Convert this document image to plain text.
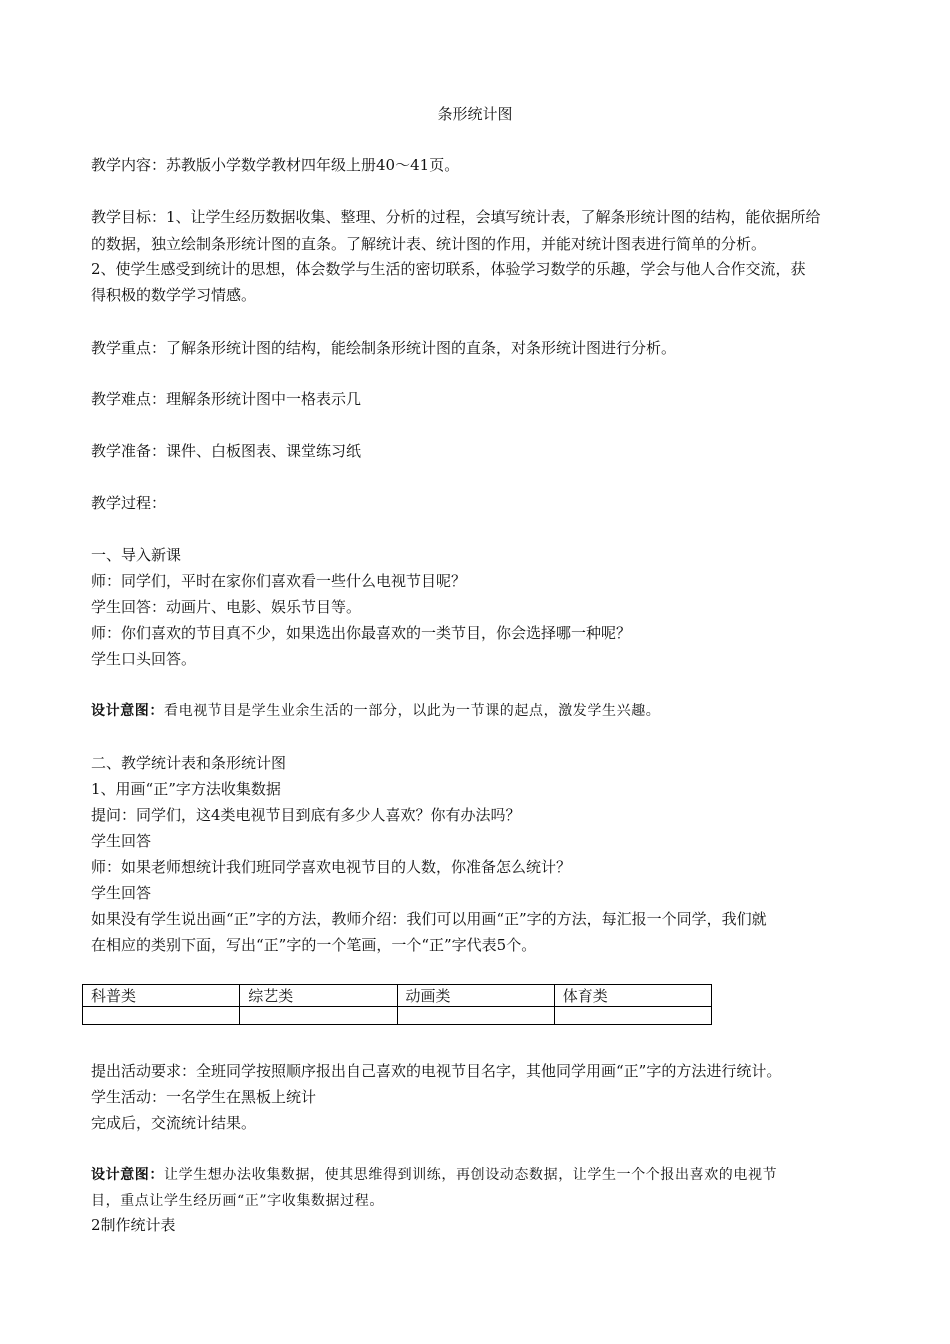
条形统计图
教学内容：苏教版小学数学教材四年级上册40～41页。
教学目标：1、让学生经历数据收集、整理、分析的过程，会填写统计表，了解条形统计图的结构，能依据所给
的数据，独立绘制条形统计图的直条。了解统计表、统计图的作用，并能对统计图表进行简单的分析。
2、使学生感受到统计的思想，体会数学与生活的密切联系，体验学习数学的乐趣，学会与他人合作交流，获
得积极的数学学习情感。
教学重点：了解条形统计图的结构，能绘制条形统计图的直条，对条形统计图进行分析。
教学难点：理解条形统计图中一格表示几
教学准备：课件、白板图表、课堂练习纸
教学过程：
一、导入新课
师：同学们，平时在家你们喜欢看一些什么电视节目呢？
学生回答：动画片、电影、娱乐节目等。
师：你们喜欢的节目真不少，如果选出你最喜欢的一类节目，你会选择哪一种呢？
学生口头回答。
设计意图：看电视节目是学生业余生活的一部分，以此为一节课的起点，激发学生兴趣。
二、教学统计表和条形统计图
1、用画“正”字方法收集数据
提问：同学们，这4类电视节目到底有多少人喜欢？你有办法吗？
学生回答
师：如果老师想统计我们班同学喜欢电视节目的人数，你准备怎么统计？
学生回答
如果没有学生说出画“正”字的方法，教师介绍：我们可以用画“正”字的方法，每汇报一个同学，我们就
在相应的类别下面，写出“正”字的一个笔画，一个“正”字代表5个。
科普类	综艺类	动画类	体育类

提出活动要求：全班同学按照顺序报出自己喜欢的电视节目名字，其他同学用画“正”字的方法进行统计。
学生活动：一名学生在黑板上统计
完成后，交流统计结果。
设计意图：让学生想办法收集数据，使其思维得到训练，再创设动态数据，让学生一个个报出喜欢的电视节
目，重点让学生经历画“正”字收集数据过程。
2制作统计表
